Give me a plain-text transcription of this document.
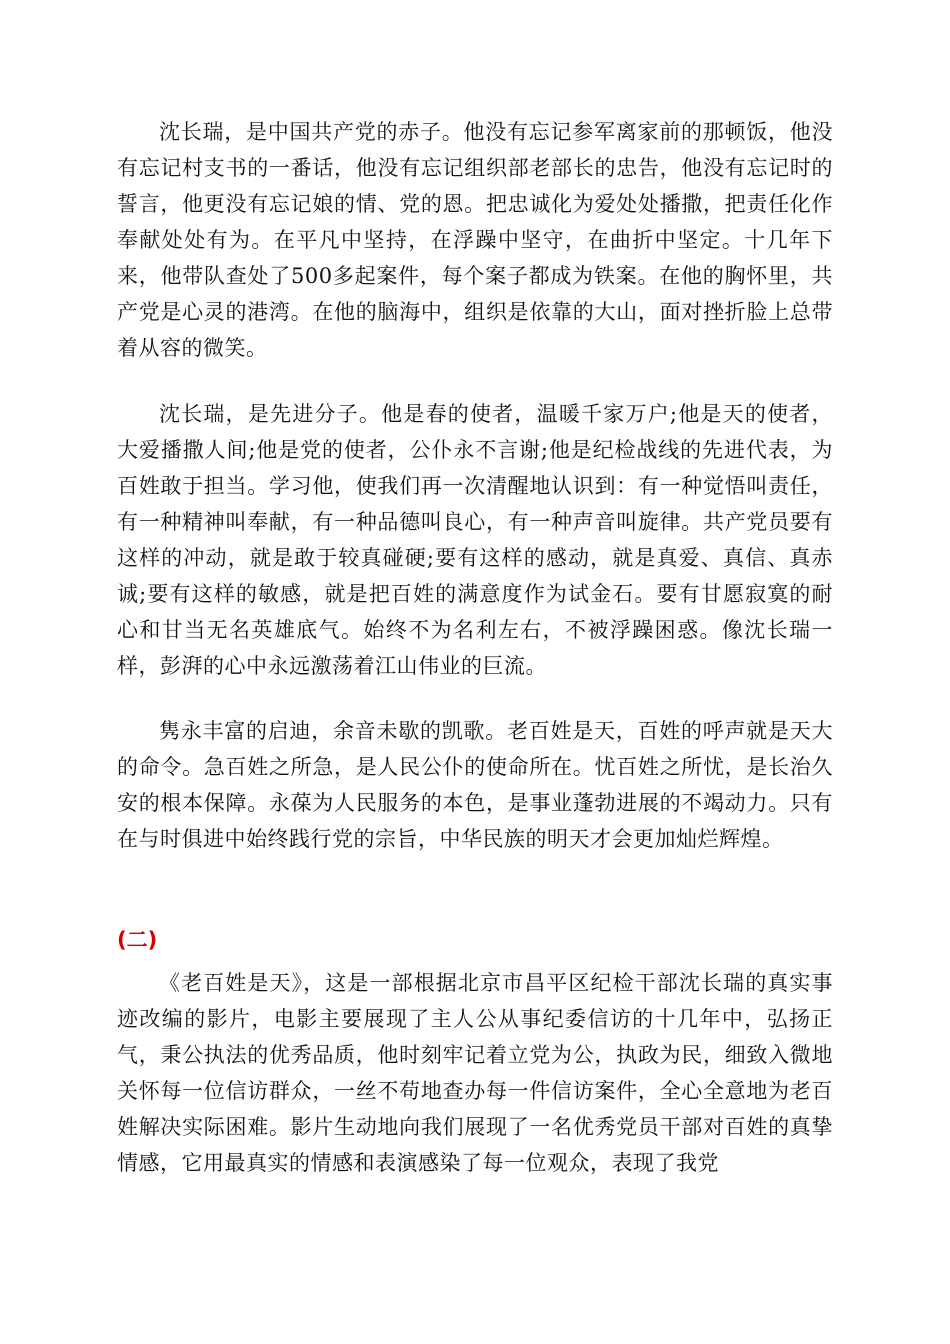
沈长瑞，是中国共产党的赤子。他没有忘记参军离家前的那顿饭，他没有忘记村支书的一番话，他没有忘记组织部老部长的忠告，他没有忘记时的誓言，他更没有忘记娘的情、党的恩。把忠诚化为爱处处播撒，把责任化作奉献处处有为。在平凡中坚持，在浮躁中坚守，在曲折中坚定。十几年下来，他带队查处了500多起案件，每个案子都成为铁案。在他的胸怀里，共产党是心灵的港湾。在他的脑海中，组织是依靠的大山，面对挫折脸上总带着从容的微笑。

沈长瑞，是先进分子。他是春的使者，温暖千家万户;他是天的使者，大爱播撒人间;他是党的使者，公仆永不言谢;他是纪检战线的先进代表，为百姓敢于担当。学习他，使我们再一次清醒地认识到：有一种觉悟叫责任，有一种精神叫奉献，有一种品德叫良心，有一种声音叫旋律。共产党员要有这样的冲动，就是敢于较真碰硬;要有这样的感动，就是真爱、真信、真赤诚;要有这样的敏感，就是把百姓的满意度作为试金石。要有甘愿寂寞的耐心和甘当无名英雄底气。始终不为名利左右，不被浮躁困惑。像沈长瑞一样，彭湃的心中永远激荡着江山伟业的巨流。

隽永丰富的启迪，余音未歇的凯歌。老百姓是天，百姓的呼声就是天大的命令。急百姓之所急，是人民公仆的使命所在。忧百姓之所忧，是长治久安的根本保障。永葆为人民服务的本色，是事业蓬勃进展的不竭动力。只有在与时俱进中始终践行党的宗旨，中华民族的明天才会更加灿烂辉煌。

(二)

《老百姓是天》，这是一部根据北京市昌平区纪检干部沈长瑞的真实事迹改编的影片，电影主要展现了主人公从事纪委信访的十几年中，弘扬正气，秉公执法的优秀品质，他时刻牢记着立党为公，执政为民，细致入微地关怀每一位信访群众，一丝不苟地查办每一件信访案件，全心全意地为老百姓解决实际困难。影片生动地向我们展现了一名优秀党员干部对百姓的真挚情感，它用最真实的情感和表演感染了每一位观众，表现了我党
